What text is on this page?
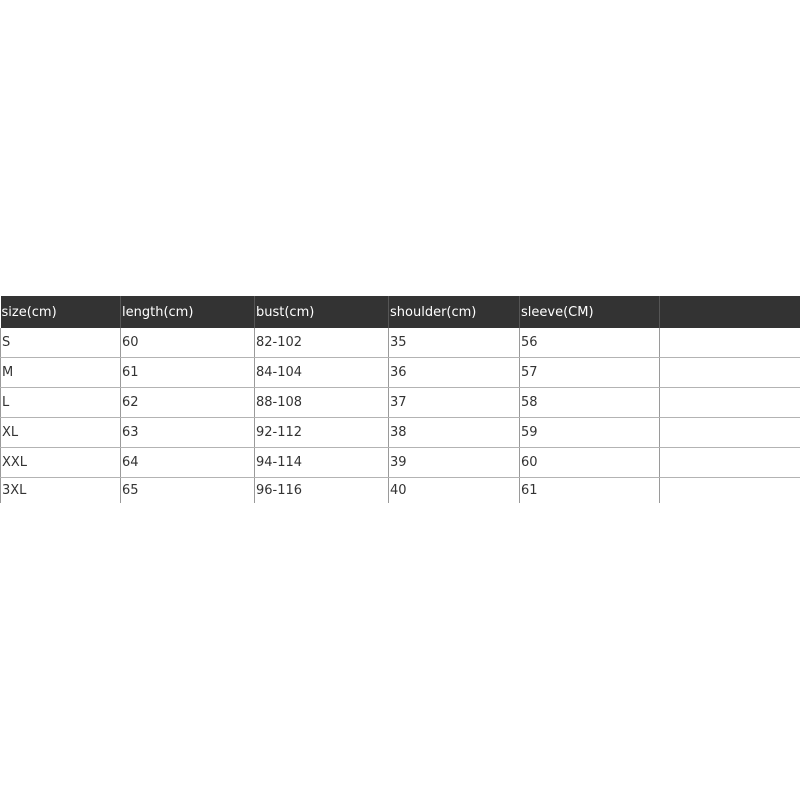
size(cm)	length(cm)	bust(cm)	shoulder(cm)	sleeve(CM)	
S	60	82-102	35	56	
M	61	84-104	36	57	
L	62	88-108	37	58	
XL	63	92-112	38	59	
XXL	64	94-114	39	60	
3XL	65	96-116	40	61	
